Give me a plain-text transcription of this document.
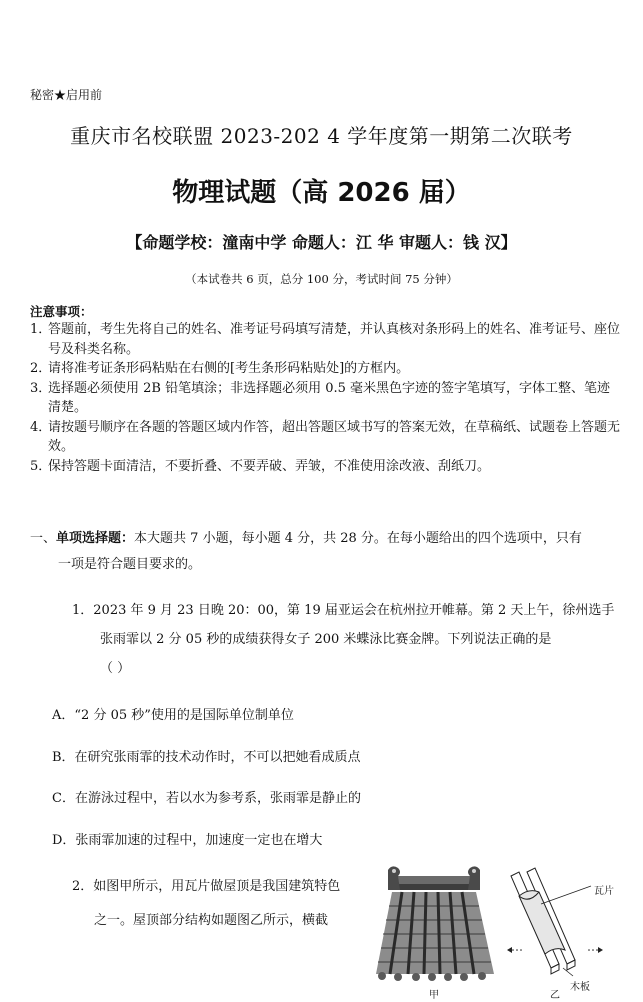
秘密★启用前
重庆市名校联盟 2023-202 4 学年度第一期第二次联考
物理试题（高 2026 届）
【命题学校：潼南中学 命题人：江 华 审题人：钱 汉】
（本试卷共 6 页，总分 100 分，考试时间 75 分钟）
注意事项：
1．
答题前，考生先将自己的姓名、准考证号码填写清楚，并认真核对条形码上的姓名、准考证号、座位号及科类名称。
2．
请将准考证条形码粘贴在右侧的[考生条形码粘贴处]的方框内。
3．
选择题必须使用 2B 铅笔填涂；非选择题必须用 0.5 毫米黑色字迹的签字笔填写，字体工整、笔迹清楚。
4．
请按题号顺序在各题的答题区域内作答，超出答题区域书写的答案无效，在草稿纸、试题卷上答题无效。
5．
保持答题卡面清洁，不要折叠、不要弄破、弄皱，不准使用涂改液、刮纸刀。
一、单项选择题：本大题共 7 小题，每小题 4 分，共 28 分。在每小题给出的四个选项中，只有
一项是符合题目要求的。
1．2023 年 9 月 23 日晚 20：00，第 19 届亚运会在杭州拉开帷幕。第 2 天上午，徐州选手
张雨霏以 2 分 05 秒的成绩获得女子 200 米蝶泳比赛金牌。下列说法正确的是
（ ）
A．“2 分 05 秒”使用的是国际单位制单位
B．在研究张雨霏的技术动作时，不可以把她看成质点
C．在游泳过程中，若以水为参考系，张雨霏是静止的
D．张雨霏加速的过程中，加速度一定也在增大
2．如图甲所示，用瓦片做屋顶是我国建筑特色
之一。屋顶部分结构如题图乙所示，横截
甲
瓦片
木板
乙
